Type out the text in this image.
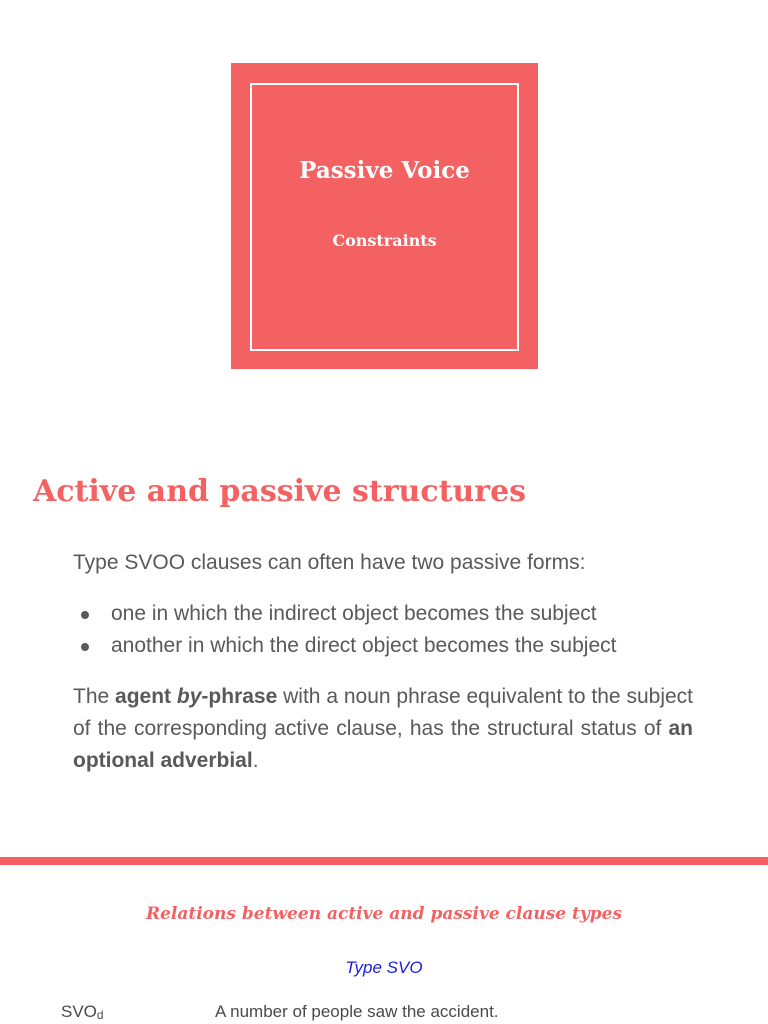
Passive Voice
Constraints
Active and passive structures
Type SVOO clauses can often have two passive forms:
one in which the indirect object becomes the subject
another in which the direct object becomes the subject
The agent by-phrase with a noun phrase equivalent to the subject of the corresponding active clause, has the structural status of an optional adverbial.
Relations between active and passive clause types
Type SVO
$SVO_d$	A number of people saw the accident.
